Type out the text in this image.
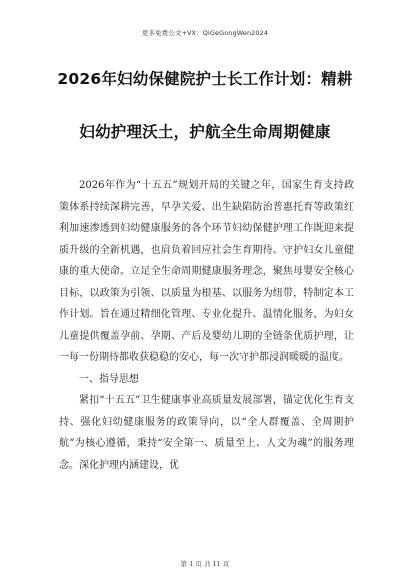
更多免费公文+VX：QiGeGongWen2024
2026年妇幼保健院护士长工作计划：精耕
妇幼护理沃土，护航全生命周期健康

2026年作为“十五五”规划开局的关键之年，国家生育支持政策体系持续深耕完善，早孕关爱、出生缺陷防治普惠托育等政策红利加速渗透到妇幼健康服务的各个环节妇幼保健护理工作既迎来提质升级的全新机遇，也肩负着回应社会生育期待、守护妇女儿童健康的重大使命。立足全生命周期健康服务理念，聚焦母婴安全核心目标，以政策为引领、以质量为根基、以服务为纽带，特制定本工作计划。旨在通过精细化管理、专业化提升、温情化服务，为妇女儿童提供覆盖孕前、孕期、产后及婴幼儿期的全链条优质护理，让一每一份期待都收获稳稳的安心，每一次守护都浸润暖暖的温度。

一、指导思想

紧扣“十五五”卫生健康事业高质量发展部署，锚定优化生育支持、强化妇幼健康服务的政策导向，以“全人群覆盖、全周期护航”为核心遵循，秉持“安全第一、质量至上、人文为魂”的服务理念。深化护理内涵建设，优

第 1 页 共 11 页
